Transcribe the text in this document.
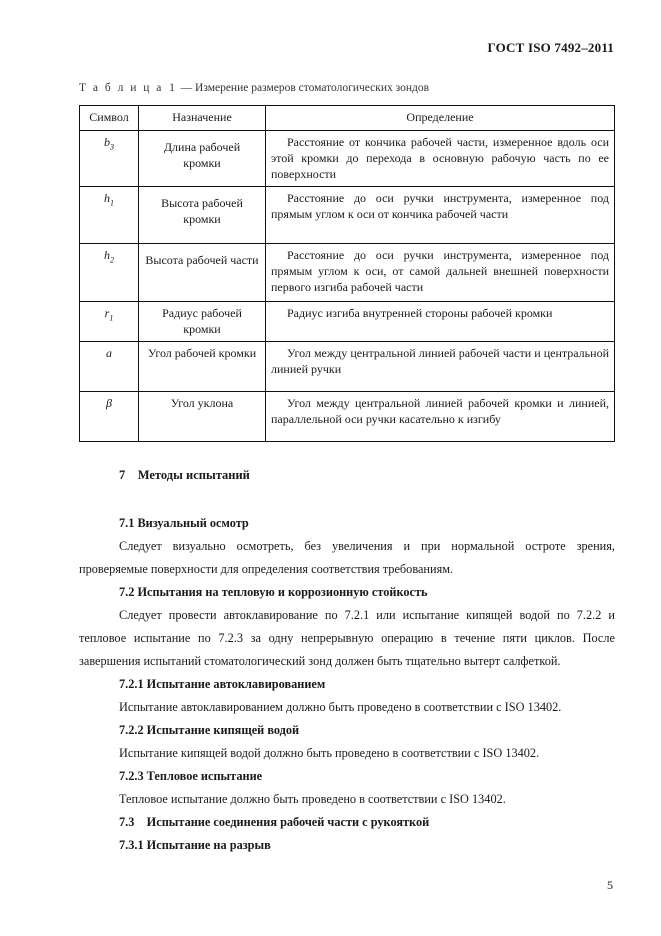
ГОСТ ISO 7492–2011
Т а б л и ц а 1 — Измерение размеров стоматологических зондов
Символ	Назначение	Определение
$b_3$	Длина рабочей кромки	Расстояние от кончика рабочей части, измеренное вдоль оси этой кромки до перехода в основную рабочую часть по ее поверхности

$h_1$	Высота рабочей кромки	Расстояние до оси ручки инструмента, измеренное под прямым углом к оси от кончика рабочей части

$h_2$	Высота рабочей части	Расстояние до оси ручки инструмента, измеренное под прямым углом к оси, от самой дальней внешней поверхности первого изгиба рабочей части

$r_1$	Радиус рабочей кромки	Радиус изгиба внутренней стороны рабочей кромки

a	Угол рабочей кромки	Угол между центральной линией рабочей части и центральной линией ручки

β	Угол уклона	Угол между центральной линией рабочей кромки и линией, параллельной оси ручки касательно к изгибу
7    Методы испытаний
7.1 Визуальный осмотр
Следует визуально осмотреть, без увеличения и при нормальной остроте зрения, проверяемые поверхности для определения соответствия требованиям.
7.2 Испытания на тепловую и коррозионную стойкость
Следует провести автоклавирование по 7.2.1 или испытание кипящей водой по 7.2.2 и тепловое испытание по 7.2.3 за одну непрерывную операцию в течение пяти циклов. После завершения испытаний стоматологический зонд должен быть тщательно вытерт салфеткой.
7.2.1 Испытание автоклавированием
Испытание автоклавированием должно быть проведено в соответствии с ISO 13402.
7.2.2 Испытание кипящей водой
Испытание кипящей водой должно быть проведено в соответствии с ISO 13402.
7.2.3 Тепловое испытание
Тепловое испытание должно быть проведено в соответствии с ISO 13402.
7.3    Испытание соединения рабочей части с рукояткой
7.3.1 Испытание на разрыв
5
